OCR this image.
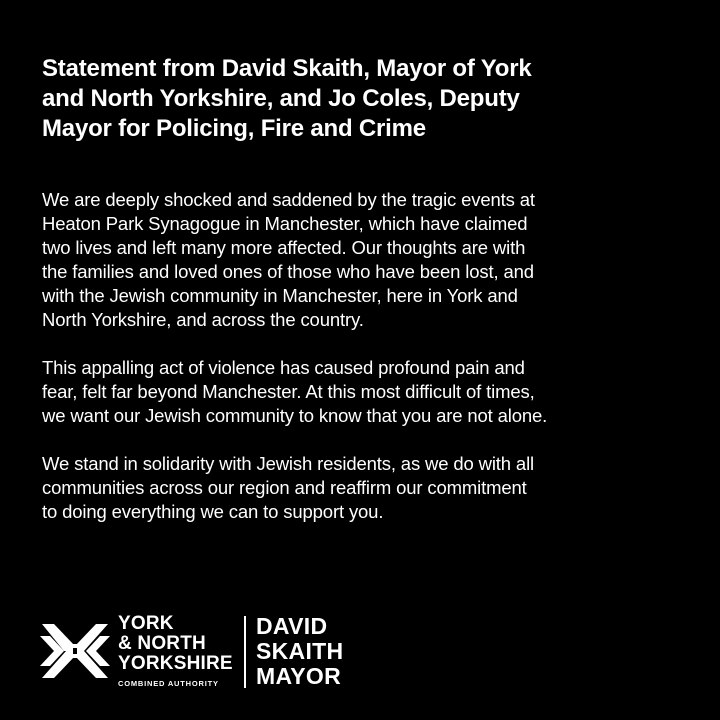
Statement from David Skaith, Mayor of York
and North Yorkshire, and Jo Coles, Deputy
Mayor for Policing, Fire and Crime

We are deeply shocked and saddened by the tragic events at
Heaton Park Synagogue in Manchester, which have claimed
two lives and left many more affected. Our thoughts are with
the families and loved ones of those who have been lost, and
with the Jewish community in Manchester, here in York and
North Yorkshire, and across the country.

This appalling act of violence has caused profound pain and
fear, felt far beyond Manchester. At this most difficult of times,
we want our Jewish community to know that you are not alone.

We stand in solidarity with Jewish residents, as we do with all
communities across our region and reaffirm our commitment
to doing everything we can to support you.

YORK
& NORTH
YORKSHIRE
COMBINED AUTHORITY
DAVID
SKAITH
MAYOR
